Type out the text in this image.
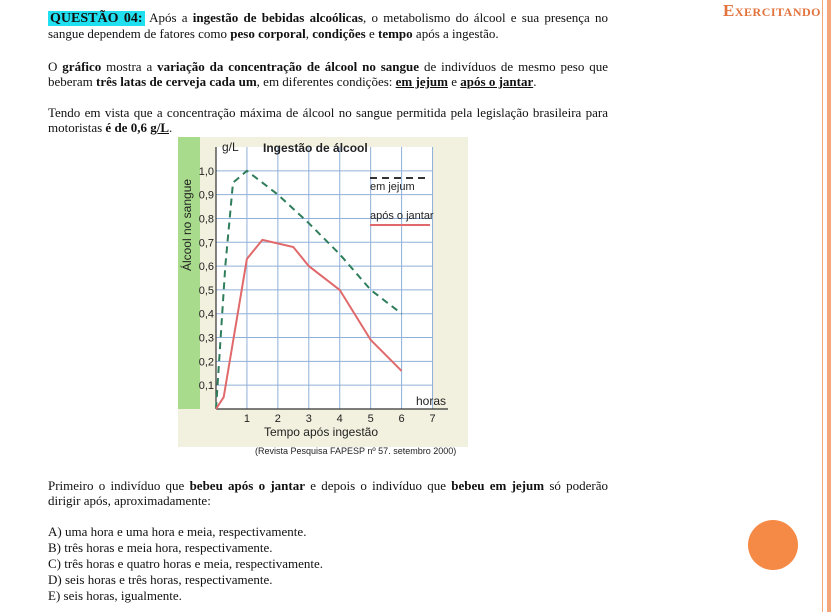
Exercitando
QUESTÃO 04: Após a ingestão de bebidas alcoólicas, o metabolismo do álcool e sua presença no sangue dependem de fatores como peso corporal, condições e tempo após a ingestão.
O gráfico mostra a variação da concentração de álcool no sangue de indivíduos de mesmo peso que beberam três latas de cerveja cada um, em diferentes condições: em jejum e após o jantar.
Tendo em vista que a concentração máxima de álcool no sangue permitida pela legislação brasileira para motoristas é de 0,6 g/L.
0,1
0,2
0,3
0,4
0,5
0,6
0,7
0,8
0,9
1,0
1 2 3 4 5 6 7
em jejum
após o jantar
Álcool no sangue
g/L Ingestão de álcool
horas
Tempo após ingestão
(Revista Pesquisa FAPESP nº 57. setembro 2000)
Primeiro o indivíduo que bebeu após o jantar e depois o indivíduo que bebeu em jejum só poderão dirigir após, aproximadamente:
A) uma hora e uma hora e meia, respectivamente.
B) três horas e meia hora, respectivamente.
C) três horas e quatro horas e meia, respectivamente.
D) seis horas e três horas, respectivamente.
E) seis horas, igualmente.
